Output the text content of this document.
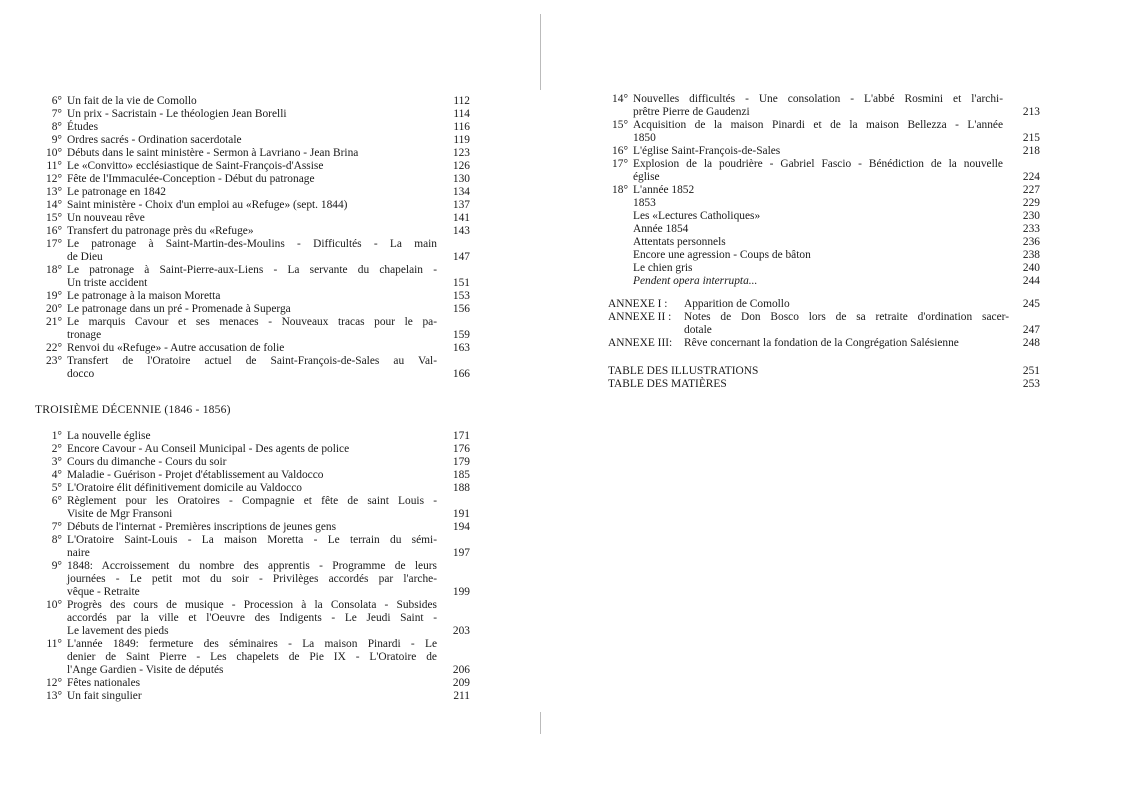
6° Un fait de la vie de Comollo	112
7° Un prix - Sacristain - Le théologien Jean Borelli	114
8° Études	116
9° Ordres sacrés - Ordination sacerdotale	119
10° Débuts dans le saint ministère - Sermon à Lavriano - Jean Brina	123
11° Le «Convitto» ecclésiastique de Saint-François-d'Assise	126
12° Fête de l'Immaculée-Conception - Début du patronage	130
13° Le patronage en 1842	134
14° Saint ministère - Choix d'un emploi au «Refuge» (sept. 1844)	137
15° Un nouveau rêve	141
16° Transfert du patronage près du «Refuge»	143
17° Le patronage à Saint-Martin-des-Moulins - Difficultés - La main
de Dieu	147
18° Le patronage à Saint-Pierre-aux-Liens - La servante du chapelain -
Un triste accident	151
19° Le patronage à la maison Moretta	153
20° Le patronage dans un pré - Promenade à Superga	156
21° Le marquis Cavour et ses menaces - Nouveaux tracas pour le pa-
tronage	159
22° Renvoi du «Refuge» - Autre accusation de folie	163
23° Transfert de l'Oratoire actuel de Saint-François-de-Sales au Val-
docco	166
TROISIÈME DÉCENNIE (1846 - 1856)
1° La nouvelle église	171
2° Encore Cavour - Au Conseil Municipal - Des agents de police	176
3° Cours du dimanche - Cours du soir	179
4° Maladie - Guérison - Projet d'établissement au Valdocco	185
5° L'Oratoire élit définitivement domicile au Valdocco	188
6° Règlement pour les Oratoires - Compagnie et fête de saint Louis -
Visite de Mgr Fransoni	191
7° Débuts de l'internat - Premières inscriptions de jeunes gens	194
8° L'Oratoire Saint-Louis - La maison Moretta - Le terrain du sémi-
naire	197
9° 1848: Accroissement du nombre des apprentis - Programme de leurs
journées - Le petit mot du soir - Privilèges accordés par l'arche-
vêque - Retraite	199
10° Progrès des cours de musique - Procession à la Consolata - Subsides
accordés par la ville et l'Oeuvre des Indigents - Le Jeudi Saint -
Le lavement des pieds	203
11° L'année 1849: fermeture des séminaires - La maison Pinardi - Le
denier de Saint Pierre - Les chapelets de Pie IX - L'Oratoire de
l'Ange Gardien - Visite de députés	206
12° Fêtes nationales	209
13° Un fait singulier	211
14° Nouvelles difficultés - Une consolation - L'abbé Rosmini et l'archi-
prêtre Pierre de Gaudenzi	213
15° Acquisition de la maison Pinardi et de la maison Bellezza - L'année
1850	215
16° L'église Saint-François-de-Sales	218
17° Explosion de la poudrière - Gabriel Fascio - Bénédiction de la nouvelle
église	224
18° L'année 1852	227
1853	229
Les «Lectures Catholiques»	230
Année 1854	233
Attentats personnels	236
Encore une agression - Coups de bâton	238
Le chien gris	240
Pendent opera interrupta...	244
ANNEXE I :	Apparition de Comollo	245
ANNEXE II :	Notes de Don Bosco lors de sa retraite d'ordination sacer-
dotale	247
ANNEXE III:	Rêve concernant la fondation de la Congrégation Salésienne	248
TABLE DES ILLUSTRATIONS	251
TABLE DES MATIÈRES	253
